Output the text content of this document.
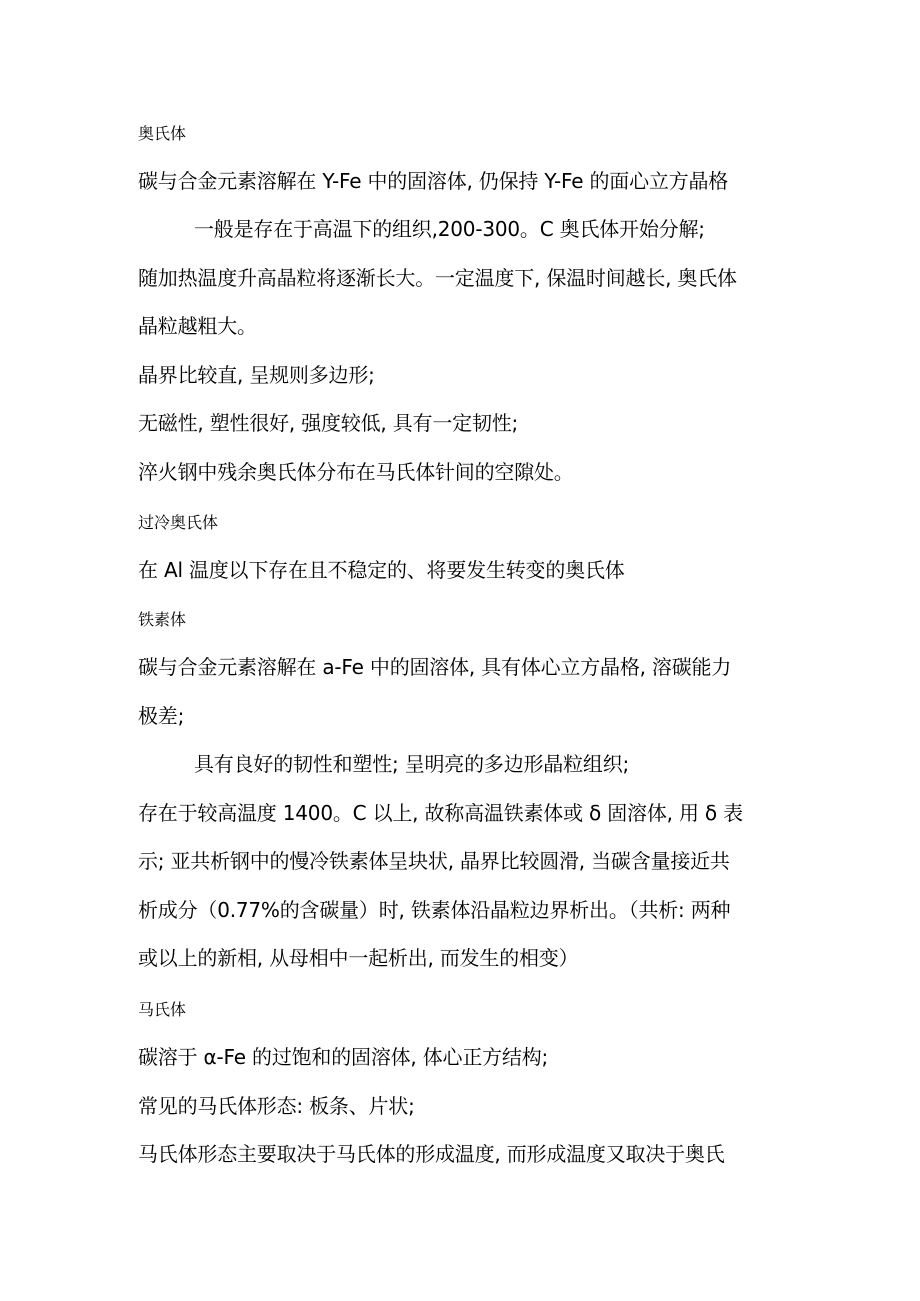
奥氏体
碳与合金元素溶解在 Y-Fe 中的固溶体, 仍保持 Y-Fe 的面心立方晶格
一般是存在于高温下的组织,200-300。C 奥氏体开始分解;
随加热温度升高晶粒将逐渐长大。一定温度下, 保温时间越长, 奥氏体
晶粒越粗大。
晶界比较直, 呈规则多边形;
无磁性, 塑性很好, 强度较低, 具有一定韧性;
淬火钢中残余奥氏体分布在马氏体针间的空隙处。
过冷奥氏体
在 Al 温度以下存在且不稳定的、将要发生转变的奥氏体
铁素体
碳与合金元素溶解在 a-Fe 中的固溶体, 具有体心立方晶格, 溶碳能力
极差;
具有良好的韧性和塑性; 呈明亮的多边形晶粒组织;
存在于较高温度 1400。C 以上, 故称高温铁素体或 δ 固溶体, 用 δ 表
示; 亚共析钢中的慢冷铁素体呈块状, 晶界比较圆滑, 当碳含量接近共
析成分（0.77%的含碳量）时, 铁素体沿晶粒边界析出。（共析: 两种
或以上的新相, 从母相中一起析出, 而发生的相变）
马氏体
碳溶于 α-Fe 的过饱和的固溶体, 体心正方结构;
常见的马氏体形态: 板条、片状;
马氏体形态主要取决于马氏体的形成温度, 而形成温度又取决于奥氏
